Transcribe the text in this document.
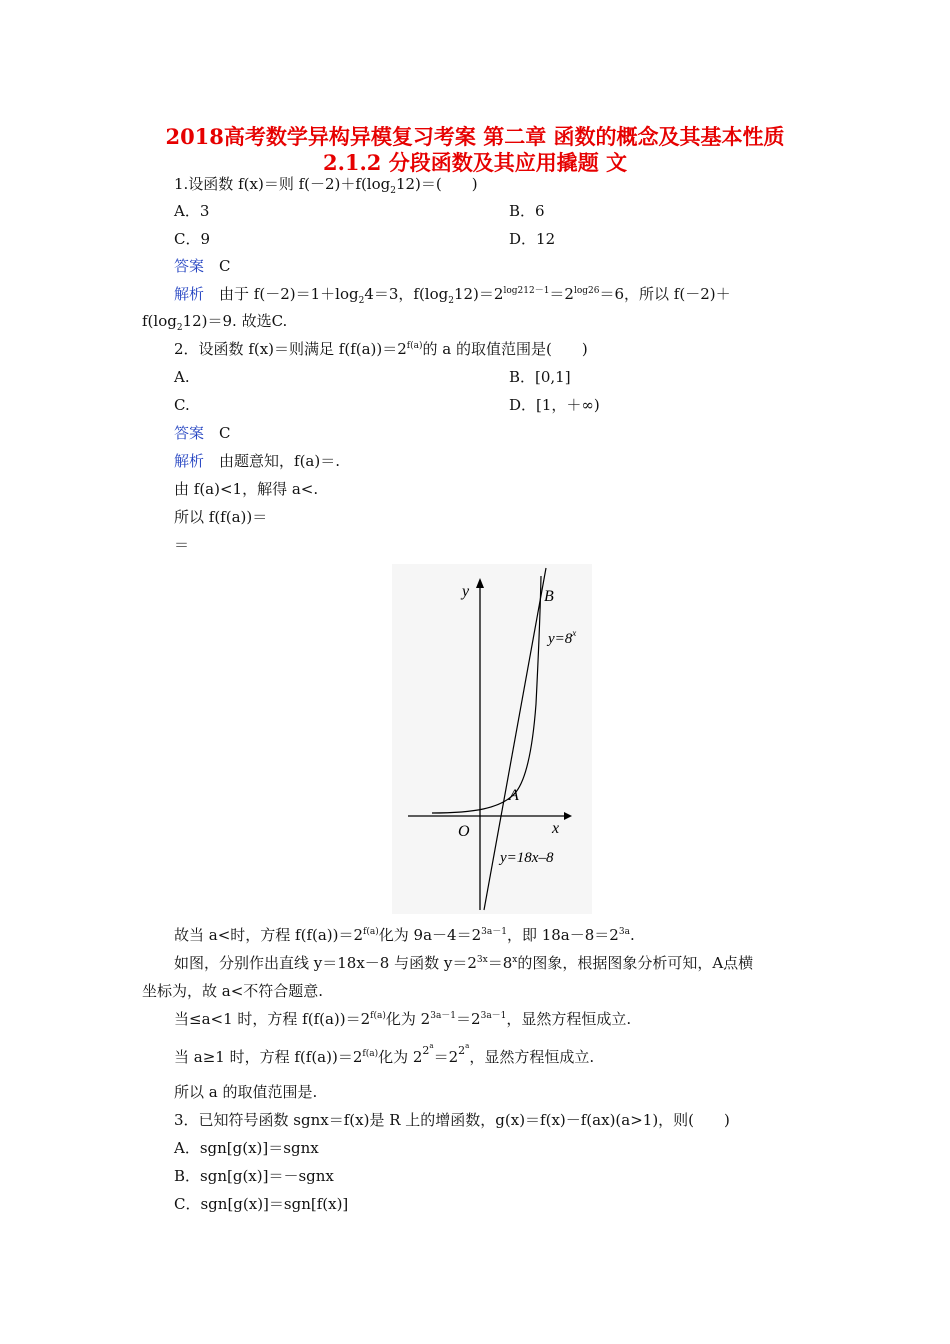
2018高考数学异构异模复习考案 第二章 函数的概念及其基本性质
2.1.2 分段函数及其应用撬题 文
1.设函数 f(x)＝则 $f(-2)+f(\log_212)=$(　　)
A．3	B．6
C．9	D．12
答案　 C
解析　 由于 $f(-2)=1+\log_24=3$，$f(\log_212)=2^{log212-1}=2^{log26}=6$，所以 f(－2)＋
$f(\log_212)=9$. 故选C.
2．设函数 f(x)＝则满足 $f(f(a))=2^{f(a)}$的 a 的取值范围是(　　)
A.	B．[0,1]
C.	D．[1，＋∞)
答案　 C
解析　 由题意知，f(a)＝.
由 f(a)<1，解得 a<.
所以 f(f(a))＝
＝
y
x
O
B
A
$y=8^x$
y=18x–8
故当 a<时，方程 $f(f(a))=2^{f(a)}$化为 $9a-4=2^{3a-1}$，即 $18a-8=2^{3a}$.
如图，分别作出直线 y＝18x－8 与函数 $y=2^{3x}=8^x$的图象，根据图象分析可知，A点横
坐标为，故 a<不符合题意.
当≤a<1 时，方程 $f(f(a))=2^{f(a)}$化为 $2^{3a-1}=2^{3a-1}$，显然方程恒成立.
当 a≥1 时，方程 $f(f(a))=2^{f(a)}$化为 $2^{2^a}=2^{2^a}$，显然方程恒成立.
所以 a 的取值范围是.
3．已知符号函数 sgnx＝f(x)是 R 上的增函数，g(x)＝f(x)－f(ax)(a>1)，则(　　)
A．sgn[g(x)]＝sgnx
B．sgn[g(x)]＝－sgnx
C．sgn[g(x)]＝sgn[f(x)]
